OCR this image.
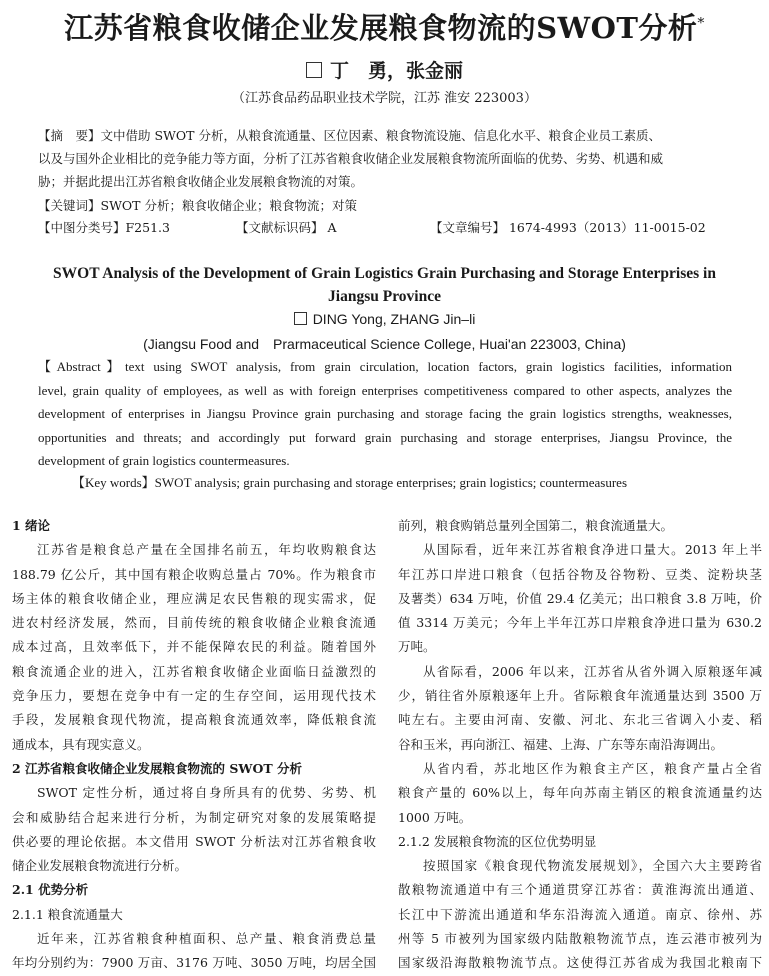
江苏省粮食收储企业发展粮食物流的SWOT分析*
丁　勇，张金丽
（江苏食品药品职业技术学院，江苏 淮安 223003）
【摘　要】文中借助 SWOT 分析，从粮食流通量、区位因素、粮食物流设施、信息化水平、粮食企业员工素质、
以及与国外企业相比的竞争能力等方面，分析了江苏省粮食收储企业发展粮食物流所面临的优势、劣势、机遇和威
胁；并据此提出江苏省粮食收储企业发展粮食物流的对策。
【关键词】SWOT 分析；粮食收储企业；粮食物流；对策
【中图分类号】F251.3	【文献标识码】 A	【文章编号】 1674-4993（2013）11-0015-02
SWOT Analysis of the Development of Grain Logistics Grain Purchasing and Storage Enterprises in
Jiangsu Province
DING Yong, ZHANG Jin–li
(Jiangsu Food and　Prarmaceutical Science College, Huai'an 223003, China)
【Abstract】text using SWOT analysis, from grain circulation, location factors, grain logistics facilities, information
level, grain quality of employees, as well as with foreign enterprises competitiveness compared to other aspects, analyzes the
development of enterprises in Jiangsu Province grain purchasing and storage facing the grain logistics strengths, weaknesses,
opportunities and threats; and accordingly put forward grain purchasing and storage enterprises, Jiangsu Province, the
development of grain logistics countermeasures.
【Key words】SWOT analysis; grain purchasing and storage enterprises; grain logistics; countermeasures
1 绪论
江苏省是粮食总产量在全国排名前五，年均收购粮食达
188.79 亿公斤，其中国有粮企收购总量占 70%。作为粮食市
场主体的粮食收储企业，理应满足农民售粮的现实需求，促
进农村经济发展，然而，目前传统的粮食收储企业粮食流通
成本过高，且效率低下，并不能保障农民的利益。随着国外
粮食流通企业的进入，江苏省粮食收储企业面临日益激烈的
竞争压力，要想在竞争中有一定的生存空间，运用现代技术
手段，发展粮食现代物流，提高粮食流通效率，降低粮食流
通成本，具有现实意义。
2 江苏省粮食收储企业发展粮食物流的 SWOT 分析
SWOT 定性分析，通过将自身所具有的优势、劣势、机
会和威胁结合起来进行分析，为制定研究对象的发展策略提
供必要的理论依据。本文借用 SWOT 分析法对江苏省粮食收
储企业发展粮食物流进行分析。
2.1 优势分析
2.1.1 粮食流通量大
近年来，江苏省粮食种植面积、总产量、粮食消费总量
年均分别约为：7900 万亩、3176 万吨、3050 万吨，均居全国
前列，粮食购销总量列全国第二，粮食流通量大。
从国际看，近年来江苏省粮食净进口量大。2013 年上半
年江苏口岸进口粮食（包括谷物及谷物粉、豆类、淀粉块茎
及薯类）634 万吨，价值 29.4 亿美元；出口粮食 3.8 万吨，价
值 3314 万美元；今年上半年江苏口岸粮食净进口量为 630.2
万吨。
从省际看，2006 年以来，江苏省从省外调入原粮逐年减
少，销往省外原粮逐年上升。省际粮食年流通量达到 3500 万
吨左右。主要由河南、安徽、河北、东北三省调入小麦、稻
谷和玉米，再向浙江、福建、上海、广东等东南沿海调出。
从省内看，苏北地区作为粮食主产区，粮食产量占全省
粮食产量的 60%以上，每年向苏南主销区的粮食流通量约达
1000 万吨。
2.1.2 发展粮食物流的区位优势明显
按照国家《粮食现代物流发展规划》，全国六大主要跨省
散粮物流通道中有三个通道贯穿江苏省：黄淮海流出通道、
长江中下游流出通道和华东沿海流入通道。南京、徐州、苏
州等 5 市被列为国家级内陆散粮物流节点，连云港市被列为
国家级沿海散粮物流节点。这使得江苏省成为我国北粮南下
